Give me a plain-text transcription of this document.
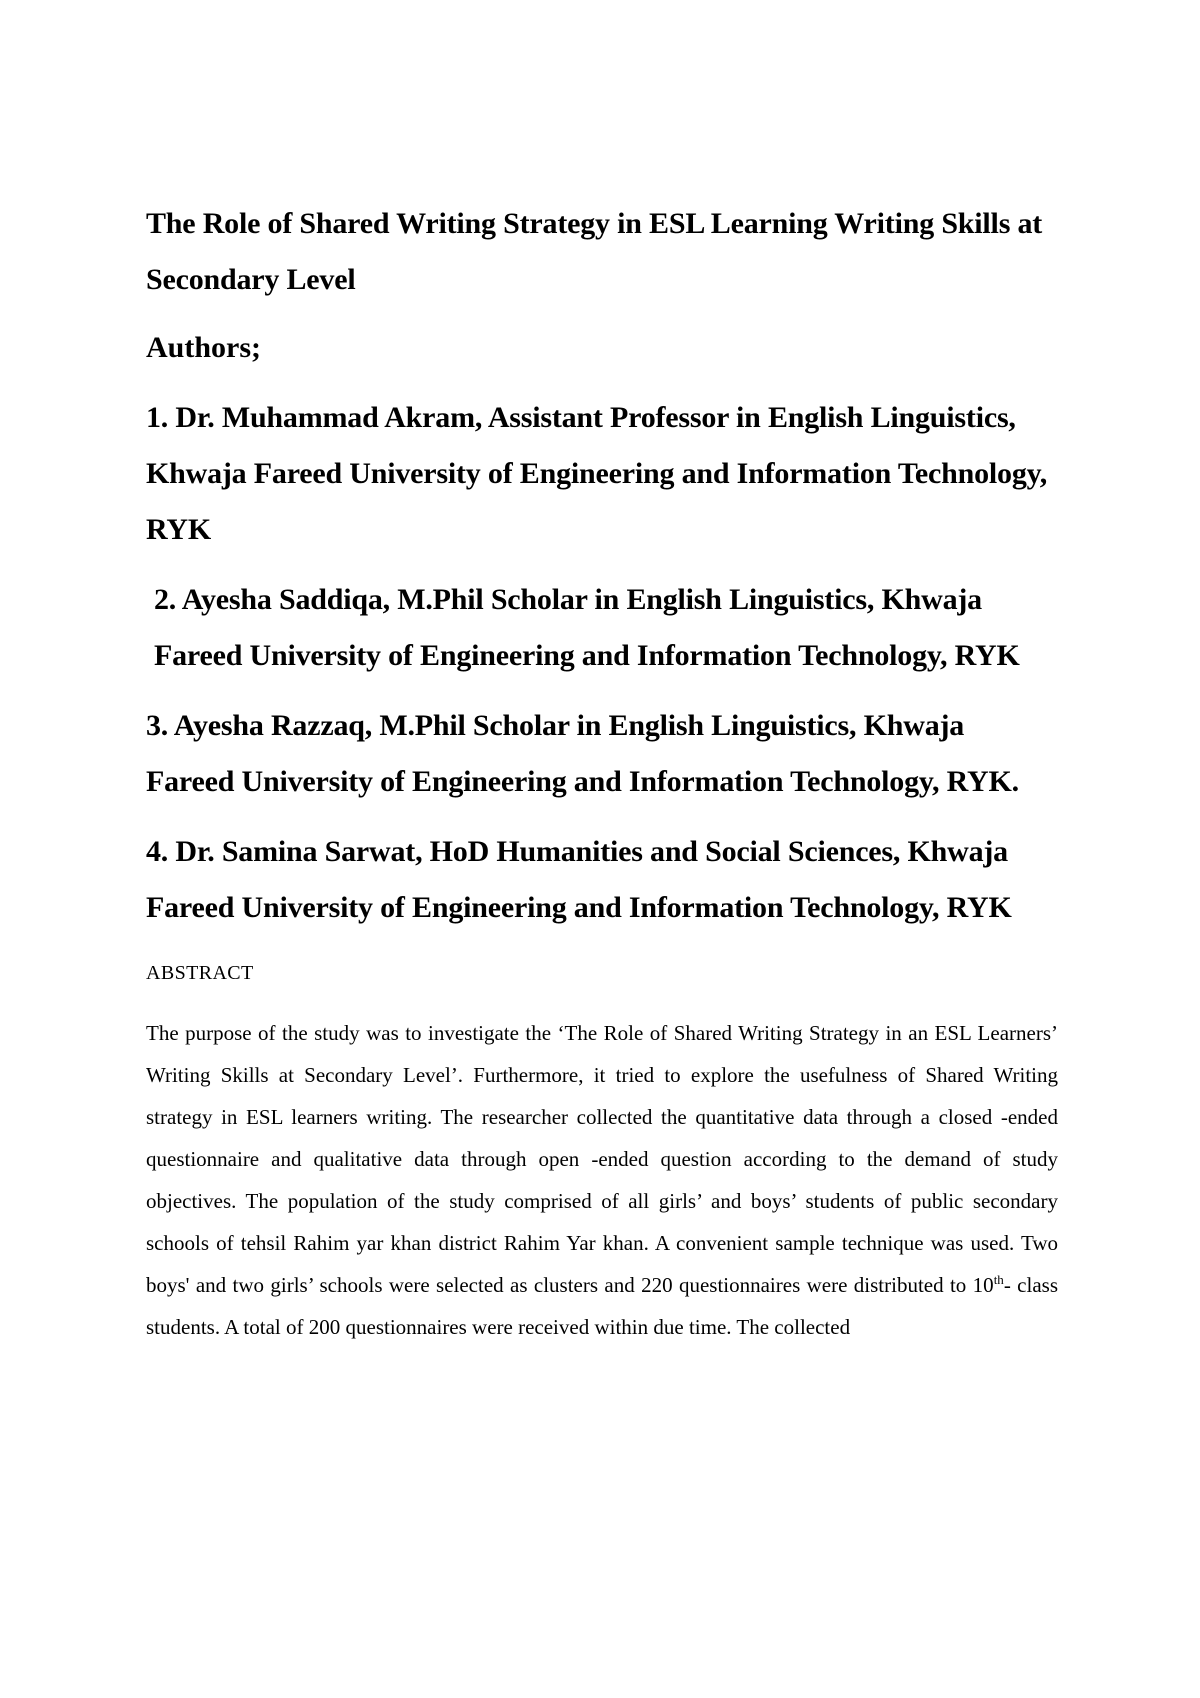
The Role of Shared Writing Strategy in ESL Learning Writing Skills at Secondary Level

Authors;

1. Dr. Muhammad Akram, Assistant Professor in English Linguistics, Khwaja Fareed University of Engineering and Information Technology, RYK

2. Ayesha Saddiqa, M.Phil Scholar in English Linguistics, Khwaja Fareed University of Engineering and Information Technology, RYK

3. Ayesha Razzaq, M.Phil Scholar in English Linguistics, Khwaja Fareed University of Engineering and Information Technology, RYK.

4. Dr. Samina Sarwat, HoD Humanities and Social Sciences, Khwaja Fareed University of Engineering and Information Technology, RYK

ABSTRACT

The purpose of the study was to investigate the ‘The Role of Shared Writing Strategy in an ESL Learners’ Writing Skills at Secondary Level’. Furthermore, it tried to explore the usefulness of Shared Writing strategy in ESL learners writing. The researcher collected the quantitative data through a closed -ended questionnaire and qualitative data through open -ended question according to the demand of study objectives. The population of the study comprised of all girls’ and boys’ students of public secondary schools of tehsil Rahim yar khan district Rahim Yar khan. A convenient sample technique was used. Two boys' and two girls’ schools were selected as clusters and 220 questionnaires were distributed to 10th- class students. A total of 200 questionnaires were received within due time. The collected
